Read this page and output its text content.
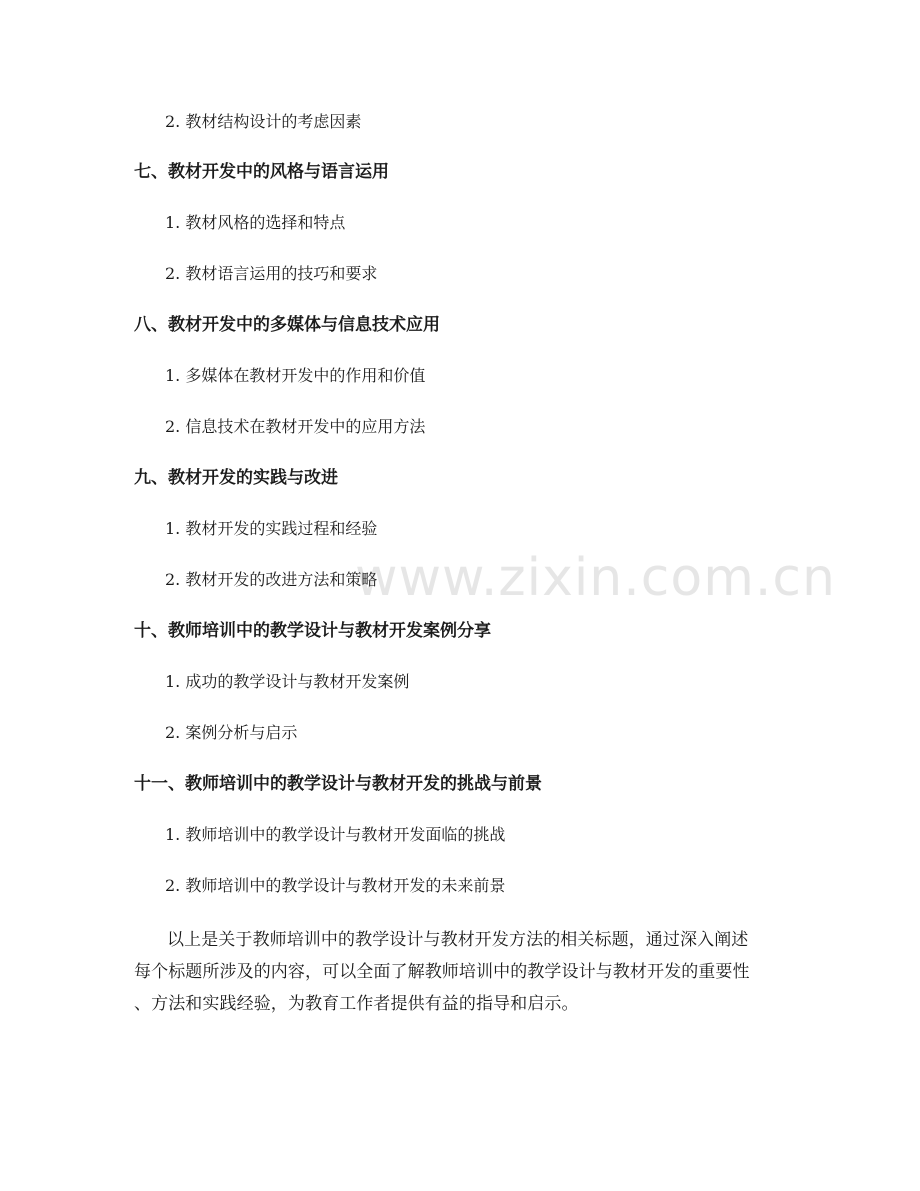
www.zixin.com.cn
2. 教材结构设计的考虑因素
七、教材开发中的风格与语言运用
1. 教材风格的选择和特点
2. 教材语言运用的技巧和要求
八、教材开发中的多媒体与信息技术应用
1. 多媒体在教材开发中的作用和价值
2. 信息技术在教材开发中的应用方法
九、教材开发的实践与改进
1. 教材开发的实践过程和经验
2. 教材开发的改进方法和策略
十、教师培训中的教学设计与教材开发案例分享
1. 成功的教学设计与教材开发案例
2. 案例分析与启示
十一、教师培训中的教学设计与教材开发的挑战与前景
1. 教师培训中的教学设计与教材开发面临的挑战
2. 教师培训中的教学设计与教材开发的未来前景
以上是关于教师培训中的教学设计与教材开发方法的相关标题，通过深入阐述
每个标题所涉及的内容，可以全面了解教师培训中的教学设计与教材开发的重要性
、方法和实践经验，为教育工作者提供有益的指导和启示。
